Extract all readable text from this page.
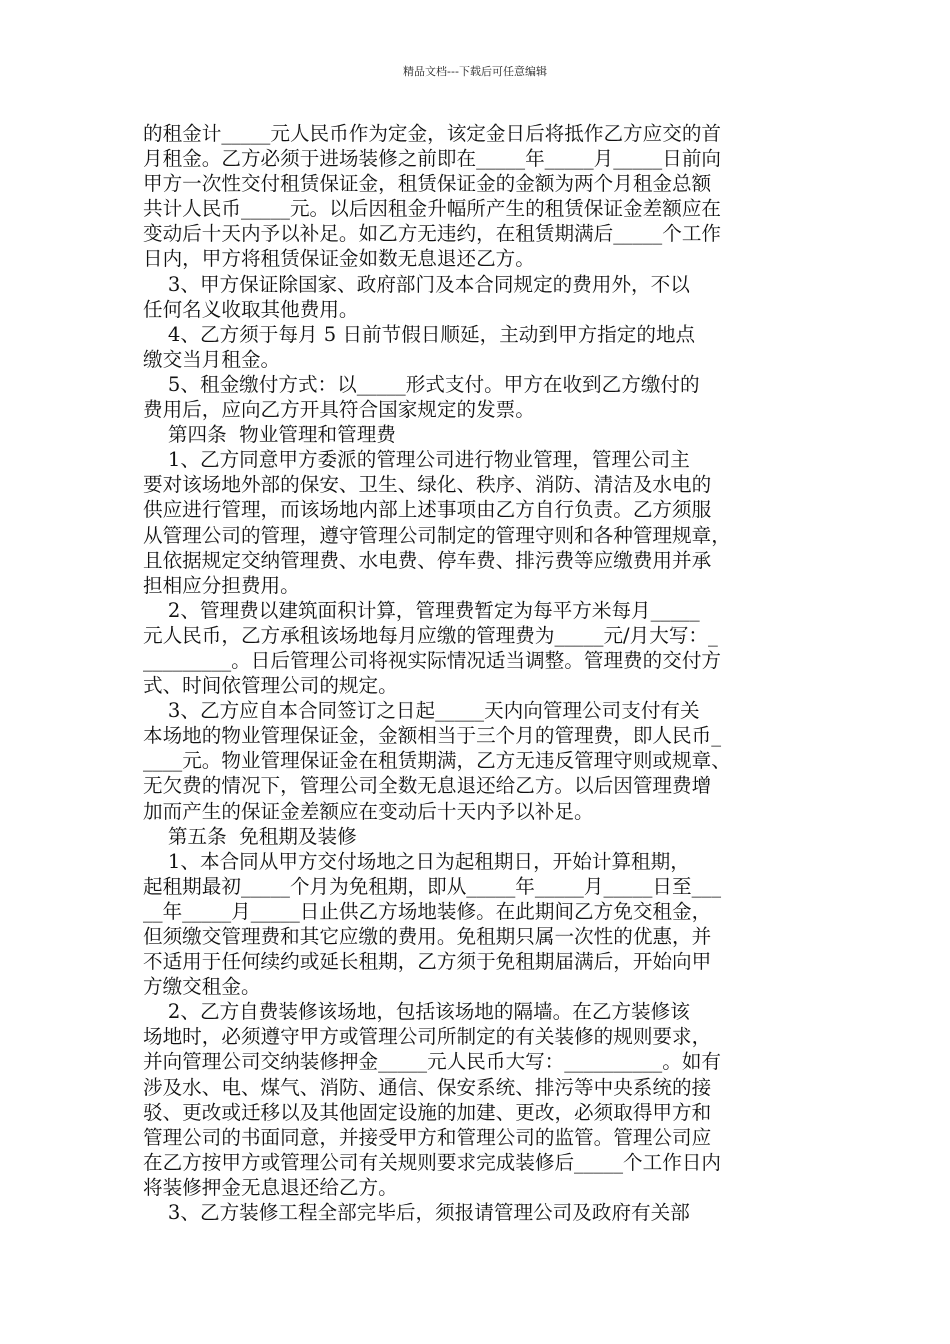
精品文档---下载后可任意编辑
的租金计_____元人民币作为定金，该定金日后将抵作乙方应交的首
月租金。乙方必须于进场装修之前即在_____年_____月_____日前向
甲方一次性交付租赁保证金，租赁保证金的金额为两个月租金总额
共计人民币_____元。以后因租金升幅所产生的租赁保证金差额应在
变动后十天内予以补足。如乙方无违约，在租赁期满后_____个工作
日内，甲方将租赁保证金如数无息退还乙方。
3、甲方保证除国家、政府部门及本合同规定的费用外，不以
任何名义收取其他费用。
4、乙方须于每月 5 日前节假日顺延，主动到甲方指定的地点
缴交当月租金。
5、租金缴付方式：以_____形式支付。甲方在收到乙方缴付的
费用后，应向乙方开具符合国家规定的发票。
第四条  物业管理和管理费
1、乙方同意甲方委派的管理公司进行物业管理，管理公司主
要对该场地外部的保安、卫生、绿化、秩序、消防、清洁及水电的
供应进行管理，而该场地内部上述事项由乙方自行负责。乙方须服
从管理公司的管理，遵守管理公司制定的管理守则和各种管理规章，
且依据规定交纳管理费、水电费、停车费、排污费等应缴费用并承
担相应分担费用。
2、管理费以建筑面积计算，管理费暂定为每平方米每月_____
元人民币，乙方承租该场地每月应缴的管理费为_____元/月大写：_
_________。日后管理公司将视实际情况适当调整。管理费的交付方
式、时间依管理公司的规定。
3、乙方应自本合同签订之日起_____天内向管理公司支付有关
本场地的物业管理保证金，金额相当于三个月的管理费，即人民币_
____元。物业管理保证金在租赁期满，乙方无违反管理守则或规章、
无欠费的情况下，管理公司全数无息退还给乙方。以后因管理费增
加而产生的保证金差额应在变动后十天内予以补足。
第五条  免租期及装修
1、本合同从甲方交付场地之日为起租期日，开始计算租期，
起租期最初_____个月为免租期，即从_____年_____月_____日至___
__年_____月_____日止供乙方场地装修。在此期间乙方免交租金，
但须缴交管理费和其它应缴的费用。免租期只属一次性的优惠，并
不适用于任何续约或延长租期，乙方须于免租期届满后，开始向甲
方缴交租金。
2、乙方自费装修该场地，包括该场地的隔墙。在乙方装修该
场地时，必须遵守甲方或管理公司所制定的有关装修的规则要求，
并向管理公司交纳装修押金_____元人民币大写：__________。如有
涉及水、电、煤气、消防、通信、保安系统、排污等中央系统的接
驳、更改或迁移以及其他固定设施的加建、更改，必须取得甲方和
管理公司的书面同意，并接受甲方和管理公司的监管。管理公司应
在乙方按甲方或管理公司有关规则要求完成装修后_____个工作日内
将装修押金无息退还给乙方。
3、乙方装修工程全部完毕后，须报请管理公司及政府有关部
